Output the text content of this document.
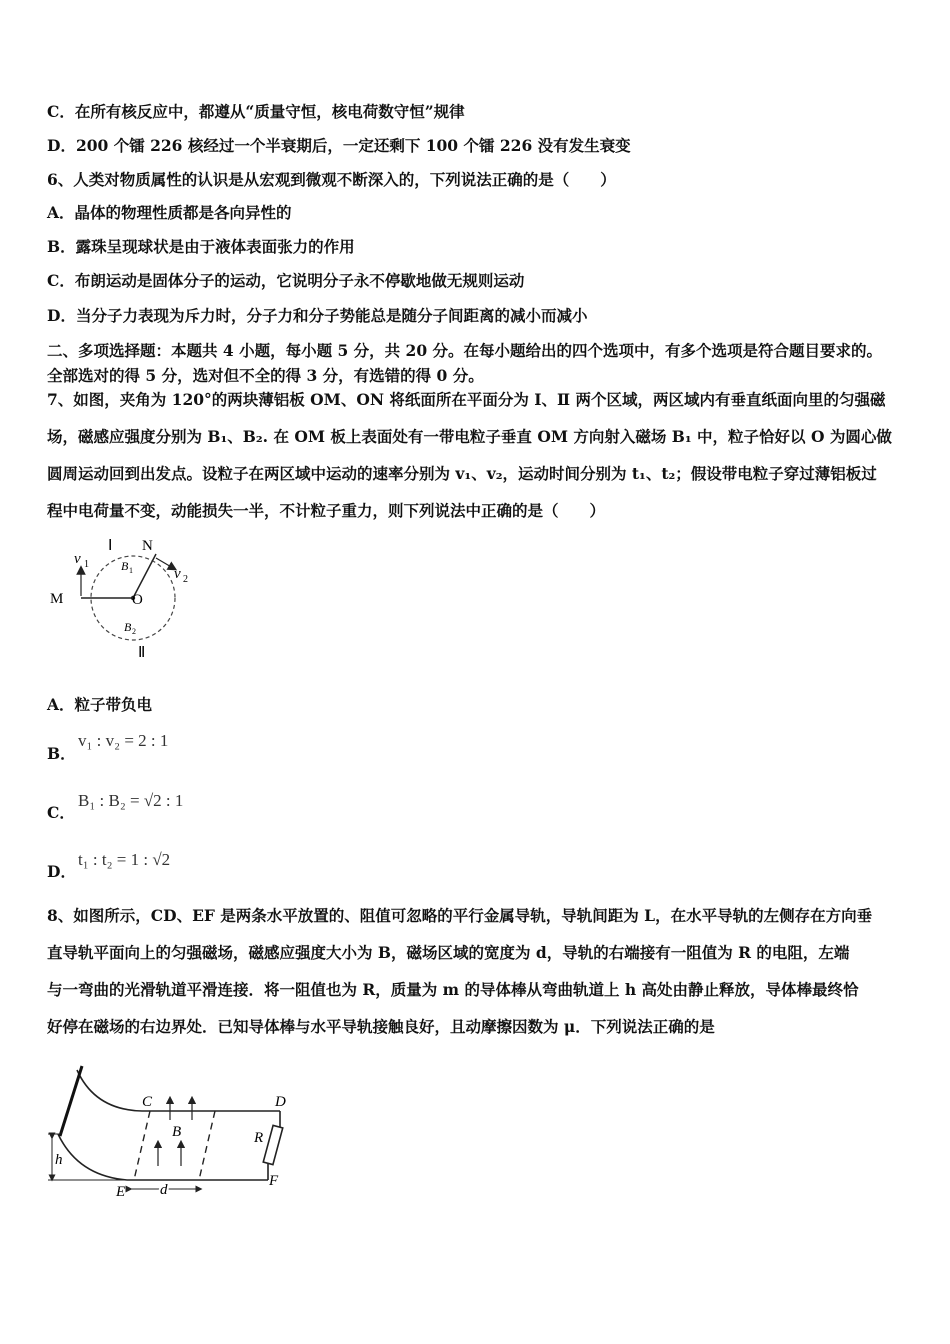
C．在所有核反应中，都遵从“质量守恒，核电荷数守恒”规律
D．200 个镭 226 核经过一个半衰期后，一定还剩下 100 个镭 226 没有发生衰变
6、人类对物质属性的认识是从宏观到微观不断深入的，下列说法正确的是（　　）
A．晶体的物理性质都是各向异性的
B．露珠呈现球状是由于液体表面张力的作用
C．布朗运动是固体分子的运动，它说明分子永不停歇地做无规则运动
D．当分子力表现为斥力时，分子力和分子势能总是随分子间距离的减小而减小
二、多项选择题：本题共 4 小题，每小题 5 分，共 20 分。在每小题给出的四个选项中，有多个选项是符合题目要求的。
全部选对的得 5 分，选对但不全的得 3 分，有选错的得 0 分。
7、如图，夹角为 120°的两块薄铝板 OM、ON 将纸面所在平面分为 Ⅰ、Ⅱ 两个区域，两区域内有垂直纸面向里的匀强磁
场，磁感应强度分别为 B₁、B₂. 在 OM 板上表面处有一带电粒子垂直 OM 方向射入磁场 B₁ 中，粒子恰好以 O 为圆心做
圆周运动回到出发点。设粒子在两区域中运动的速率分别为 v₁、v₂，运动时间分别为 t₁、t₂；假设带电粒子穿过薄铝板过
程中电荷量不变，动能损失一半，不计粒子重力，则下列说法中正确的是（　　）
Ⅰ N
M	O
v 1
v 2
B 1
B 2
Ⅱ
A．粒子带负电
B．
v₁ : v₂ = 2 : 1
C．
B₁ : B₂ = √2 : 1
D．
t₁ : t₂ = 1 : √2
8、如图所示，CD、EF 是两条水平放置的、阻值可忽略的平行金属导轨，导轨间距为 L，在水平导轨的左侧存在方向垂
直导轨平面向上的匀强磁场，磁感应强度大小为 B，磁场区域的宽度为 d，导轨的右端接有一阻值为 R 的电阻，左端
与一弯曲的光滑轨道平滑连接．将一阻值也为 R，质量为 m 的导体棒从弯曲轨道上 h 高处由静止释放，导体棒最终恰
好停在磁场的右边界处．已知导体棒与水平导轨接触良好，且动摩擦因数为 μ．下列说法正确的是
C	D
E
F
B	R
h
d
